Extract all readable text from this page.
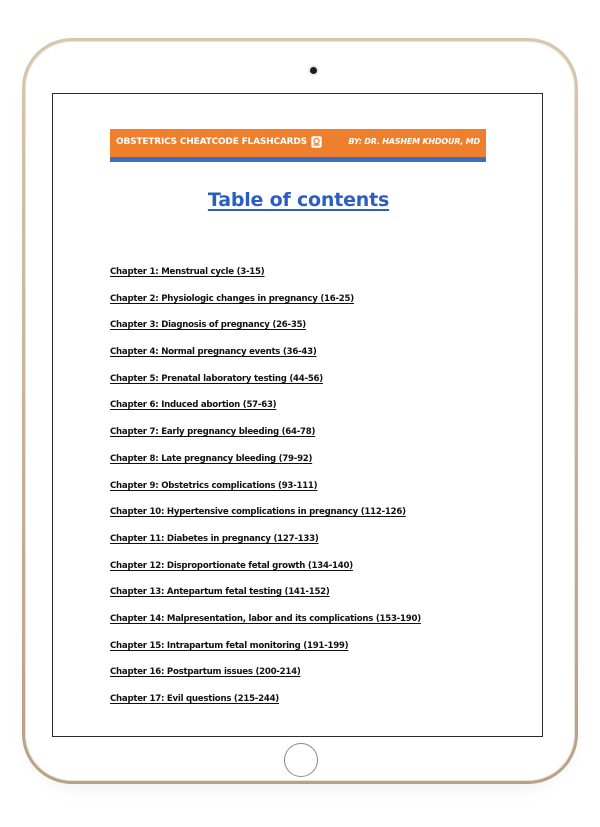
OBSTETRICS CHEATCODE FLASHCARDS	BY: DR. HASHEM KHDOUR, MD
Table of contents
Chapter 1: Menstrual cycle (3-15)
Chapter 2: Physiologic changes in pregnancy (16-25)
Chapter 3: Diagnosis of pregnancy (26-35)
Chapter 4: Normal pregnancy events (36-43)
Chapter 5: Prenatal laboratory testing (44-56)
Chapter 6: Induced abortion (57-63)
Chapter 7: Early pregnancy bleeding (64-78)
Chapter 8: Late pregnancy bleeding (79-92)
Chapter 9: Obstetrics complications (93-111)
Chapter 10: Hypertensive complications in pregnancy (112-126)
Chapter 11: Diabetes in pregnancy (127-133)
Chapter 12: Disproportionate fetal growth (134-140)
Chapter 13: Antepartum fetal testing (141-152)
Chapter 14: Malpresentation, labor and its complications (153-190)
Chapter 15: Intrapartum fetal monitoring (191-199)
Chapter 16: Postpartum issues (200-214)
Chapter 17: Evil questions (215-244)
